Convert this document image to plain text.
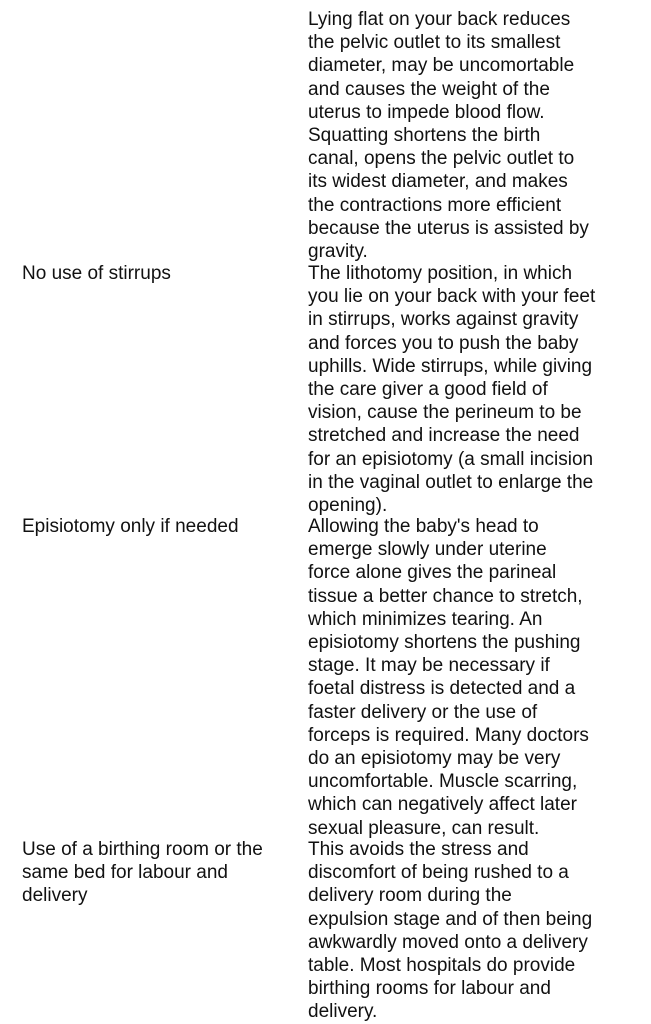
Lying flat on your back reduces
the pelvic outlet to its smallest
diameter, may be uncomortable
and causes the weight of the
uterus to impede blood flow.
Squatting shortens the birth
canal, opens the pelvic outlet to
its widest diameter, and makes
the contractions more efficient
because the uterus is assisted by
gravity.
No use of stirrups	The lithotomy position, in which
you lie on your back with your feet
in stirrups, works against gravity
and forces you to push the baby
uphills. Wide stirrups, while giving
the care giver a good field of
vision, cause the perineum to be
stretched and increase the need
for an episiotomy (a small incision
in the vaginal outlet to enlarge the
opening).
Episiotomy only if needed	Allowing the baby's head to
emerge slowly under uterine
force alone gives the parineal
tissue a better chance to stretch,
which minimizes tearing. An
episiotomy shortens the pushing
stage. It may be necessary if
foetal distress is detected and a
faster delivery or the use of
forceps is required. Many doctors
do an episiotomy may be very
uncomfortable. Muscle scarring,
which can negatively affect later
sexual pleasure, can result.
Use of a birthing room or the same bed for labour and delivery
This avoids the stress and
discomfort of being rushed to a
delivery room during the
expulsion stage and of then being
awkwardly moved onto a delivery
table. Most hospitals do provide
birthing rooms for labour and
delivery.
